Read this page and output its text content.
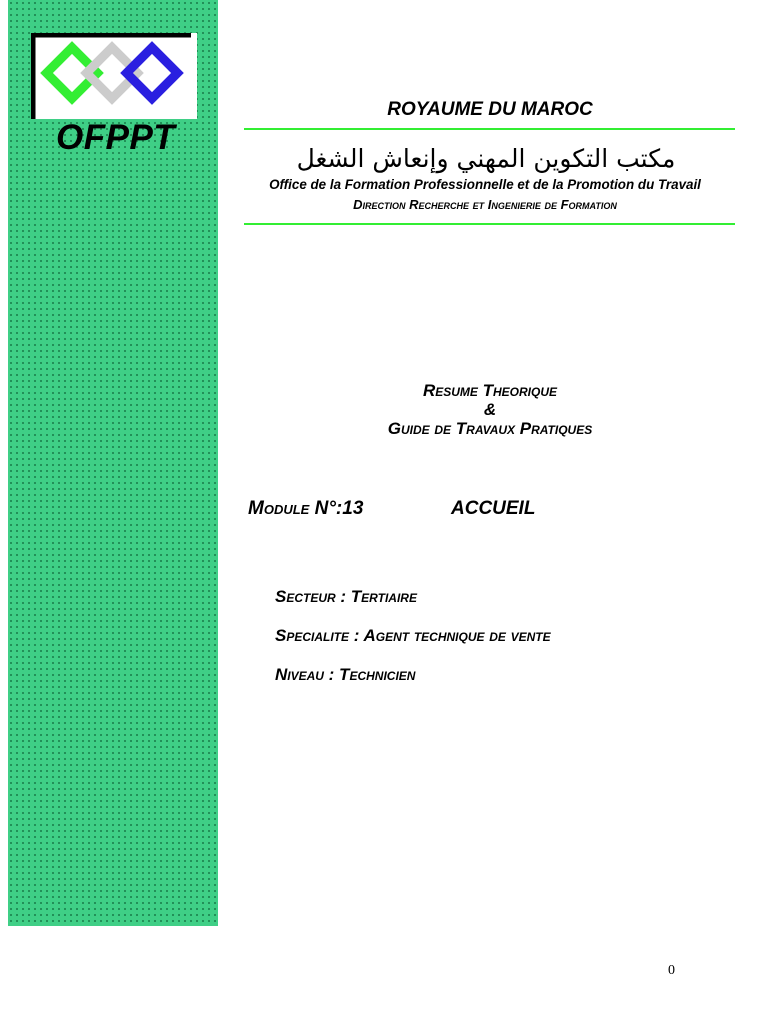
OFPPT
ROYAUME DU MAROC
مكتب التكوين المهني وإنعاش الشغل
Office de la Formation Professionnelle et de la Promotion du Travail
Direction Recherche et Ingenierie de Formation
Resume Theorique
&
Guide de Travaux Pratiques
Module N°:13	ACCUEIL
Secteur : Tertiaire
Specialite : Agent technique de vente
Niveau : Technicien
0
